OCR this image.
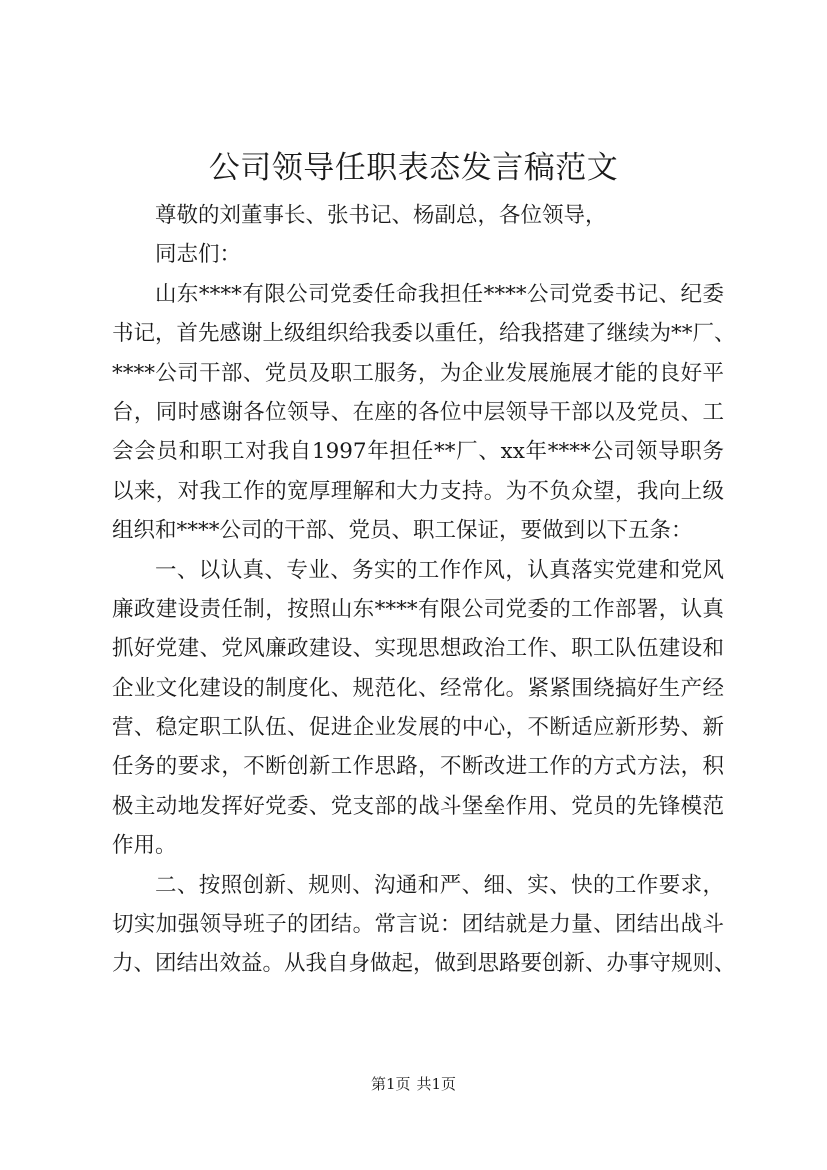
公司领导任职表态发言稿范文
尊敬的刘董事长、张书记、杨副总，各位领导，
同志们：
山东****有限公司党委任命我担任****公司党委书记、纪委
书记，首先感谢上级组织给我委以重任，给我搭建了继续为**厂、
****公司干部、党员及职工服务，为企业发展施展才能的良好平
台，同时感谢各位领导、在座的各位中层领导干部以及党员、工
会会员和职工对我自1997年担任**厂、xx年****公司领导职务
以来，对我工作的宽厚理解和大力支持。为不负众望，我向上级
组织和****公司的干部、党员、职工保证，要做到以下五条：
一、以认真、专业、务实的工作作风，认真落实党建和党风
廉政建设责任制，按照山东****有限公司党委的工作部署，认真
抓好党建、党风廉政建设、实现思想政治工作、职工队伍建设和
企业文化建设的制度化、规范化、经常化。紧紧围绕搞好生产经
营、稳定职工队伍、促进企业发展的中心，不断适应新形势、新
任务的要求，不断创新工作思路，不断改进工作的方式方法，积
极主动地发挥好党委、党支部的战斗堡垒作用、党员的先锋模范
作用。
二、按照创新、规则、沟通和严、细、实、快的工作要求，
切实加强领导班子的团结。常言说：团结就是力量、团结出战斗
力、团结出效益。从我自身做起，做到思路要创新、办事守规则、
第1页 共1页
